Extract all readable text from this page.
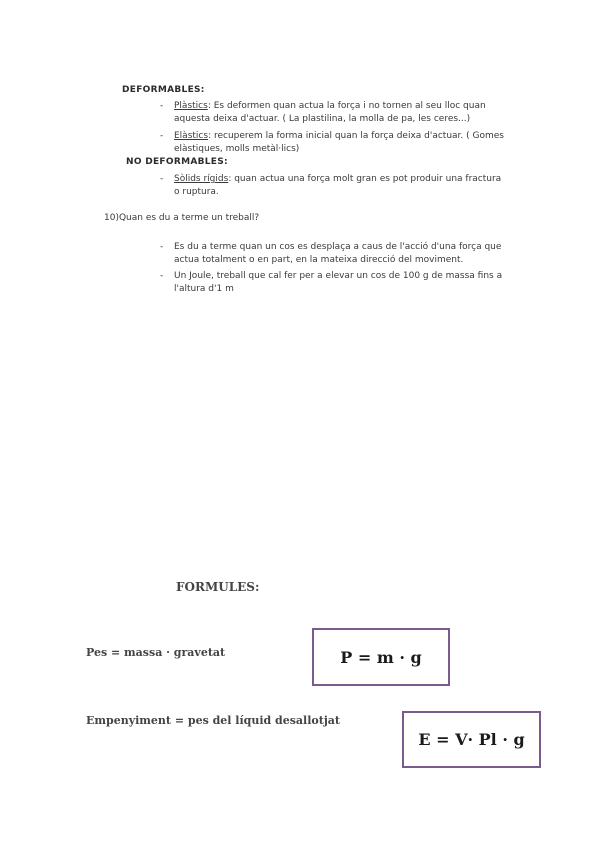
DEFORMABLES:
- Plàstics: Es deformen quan actua la força i no tornen al seu lloc quan aquesta deixa d'actuar. ( La plastilina, la molla de pa, les ceres...)
- Elàstics: recuperem la forma inicial quan la força deixa d'actuar. ( Gomes elàstiques, molls metàl·lics)
NO DEFORMABLES:
- Sòlids rígids: quan actua una força molt gran es pot produir una fractura o ruptura.
10)Quan es du a terme un treball?
- Es du a terme quan un cos es desplaça a caus de l'acció d'una força que actua totalment o en part, en la mateixa direcció del moviment.
- Un Joule, treball que cal fer per a elevar un cos de 100 g de massa fins a l'altura d'1 m
FORMULES:
Pes = massa · gravetat	P = m · g
Empenyiment = pes del líquid desallotjat
E = V· Pl · g
